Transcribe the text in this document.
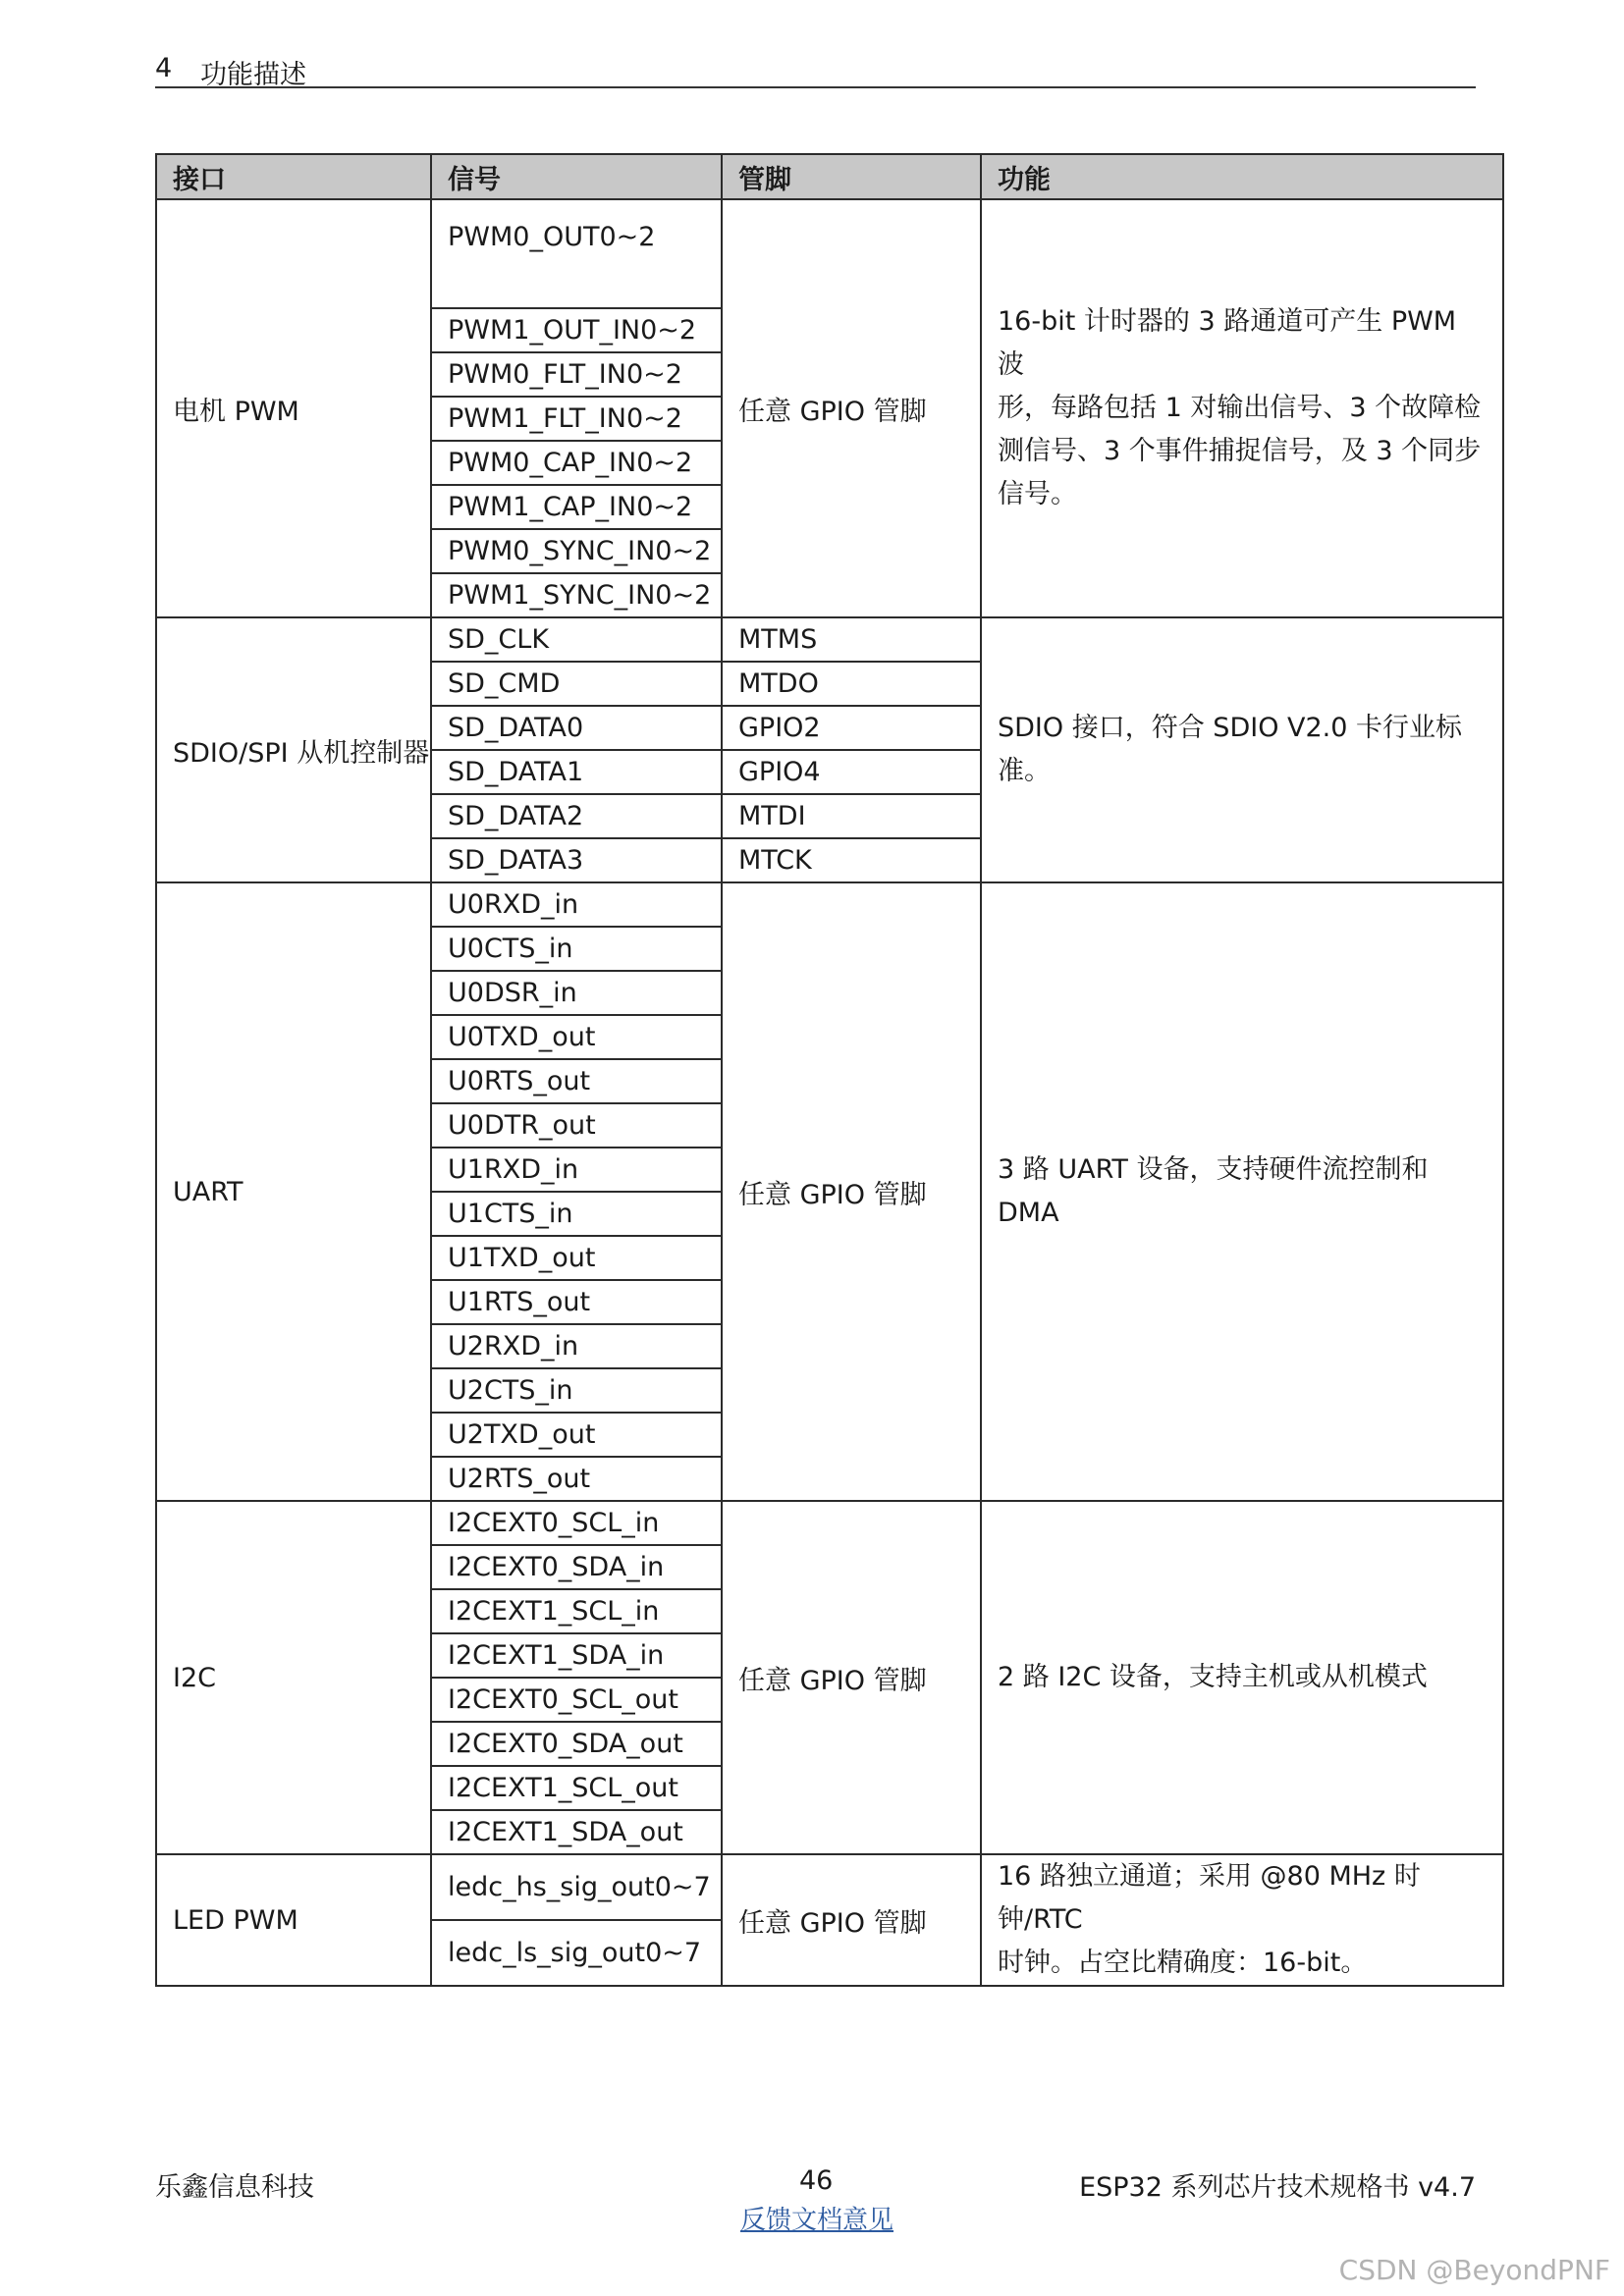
4 功能描述
接口	信号	管脚	功能
电机 PWM	PWM0_OUT0~2	任意 GPIO 管脚	16-bit 计时器的 3 路通道可产生 PWM 波
形，每路包括 1 对输出信号、3 个故障检
测信号、3 个事件捕捉信号，及 3 个同步
信号。

	PWM1_OUT_IN0~2		
	PWM0_FLT_IN0~2		
	PWM1_FLT_IN0~2		
	PWM0_CAP_IN0~2		
	PWM1_CAP_IN0~2		
	PWM0_SYNC_IN0~2		
	PWM1_SYNC_IN0~2		
SDIO/SPI 从机控制器	SD_CLK	MTMS	SDIO 接口，符合 SDIO V2.0 卡行业标准。

	SD_CMD	MTDO	
	SD_DATA0	GPIO2	
	SD_DATA1	GPIO4	
	SD_DATA2	MTDI	
	SD_DATA3	MTCK	
UART	U0RXD_in	任意 GPIO 管脚	3 路 UART 设备，支持硬件流控制和 DMA

	U0CTS_in		
	U0DSR_in		
	U0TXD_out		
	U0RTS_out		
	U0DTR_out		
	U1RXD_in		
	U1CTS_in		
	U1TXD_out		
	U1RTS_out		
	U2RXD_in		
	U2CTS_in		
	U2TXD_out		
	U2RTS_out		
I2C	I2CEXT0_SCL_in	任意 GPIO 管脚	2 路 I2C 设备，支持主机或从机模式

	I2CEXT0_SDA_in		
	I2CEXT1_SCL_in		
	I2CEXT1_SDA_in		
	I2CEXT0_SCL_out		
	I2CEXT0_SDA_out		
	I2CEXT1_SCL_out		
	I2CEXT1_SDA_out		
LED PWM	ledc_hs_sig_out0~7	任意 GPIO 管脚	16 路独立通道；采用 @80 MHz 时钟/RTC
时钟。占空比精确度：16-bit。

	ledc_ls_sig_out0~7		
乐鑫信息科技	46	ESP32 系列芯片技术规格书 v4.7
反馈文档意见
CSDN @BeyondPNF
